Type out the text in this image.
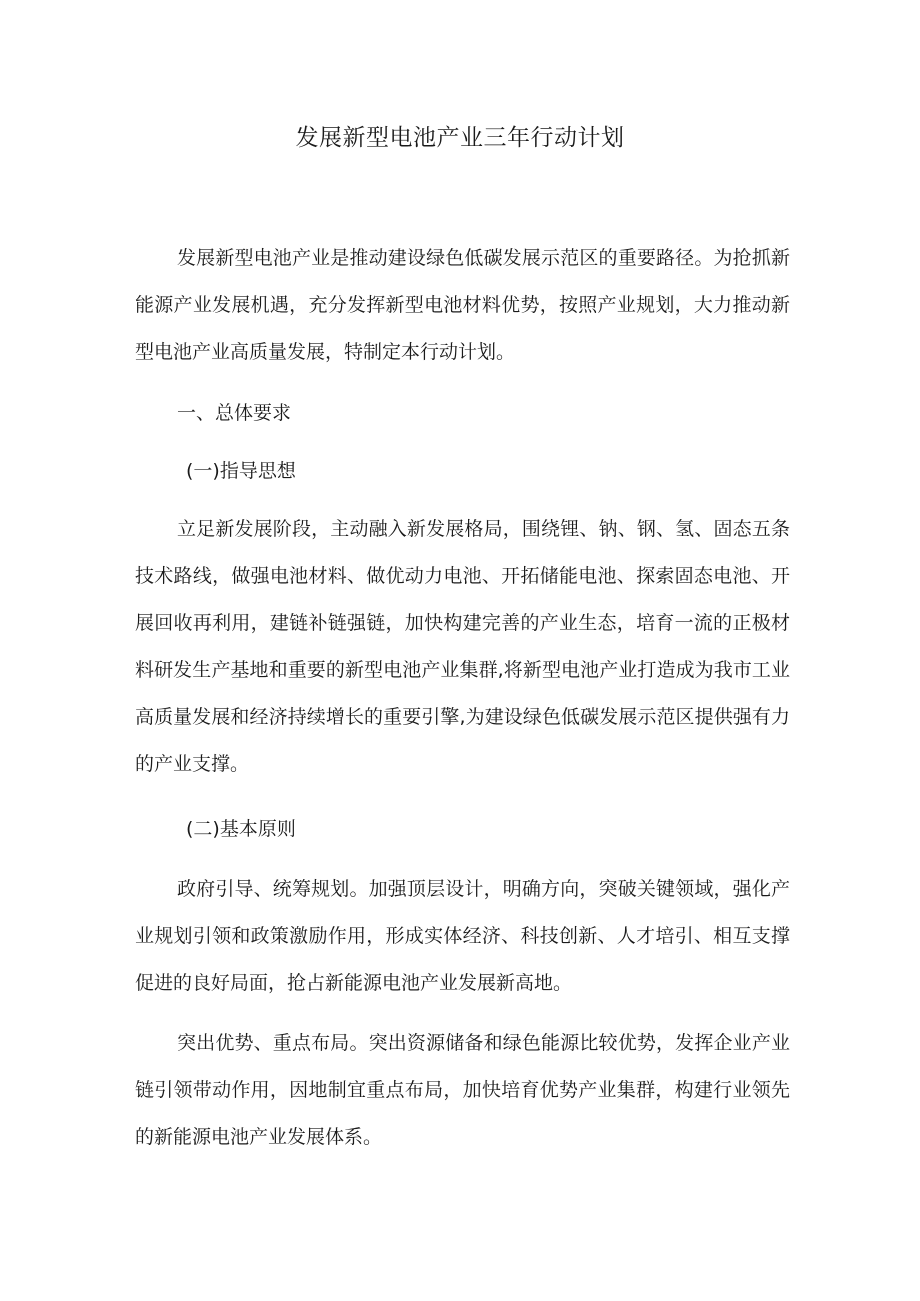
发展新型电池产业三年行动计划

发展新型电池产业是推动建设绿色低碳发展示范区的重要路径。为抢抓新能源产业发展机遇，充分发挥新型电池材料优势，按照产业规划，大力推动新型电池产业高质量发展，特制定本行动计划。

一、总体要求

(一)指导思想

立足新发展阶段，主动融入新发展格局，围绕锂、钠、钢、氢、固态五条技术路线，做强电池材料、做优动力电池、开拓储能电池、探索固态电池、开展回收再利用，建链补链强链，加快构建完善的产业生态，培育一流的正极材料研发生产基地和重要的新型电池产业集群,将新型电池产业打造成为我市工业高质量发展和经济持续增长的重要引擎,为建设绿色低碳发展示范区提供强有力的产业支撑。

(二)基本原则

政府引导、统筹规划。加强顶层设计，明确方向，突破关键领域，强化产业规划引领和政策激励作用，形成实体经济、科技创新、人才培引、相互支撑促进的良好局面，抢占新能源电池产业发展新高地。

突出优势、重点布局。突出资源储备和绿色能源比较优势，发挥企业产业链引领带动作用，因地制宜重点布局，加快培育优势产业集群，构建行业领先的新能源电池产业发展体系。
